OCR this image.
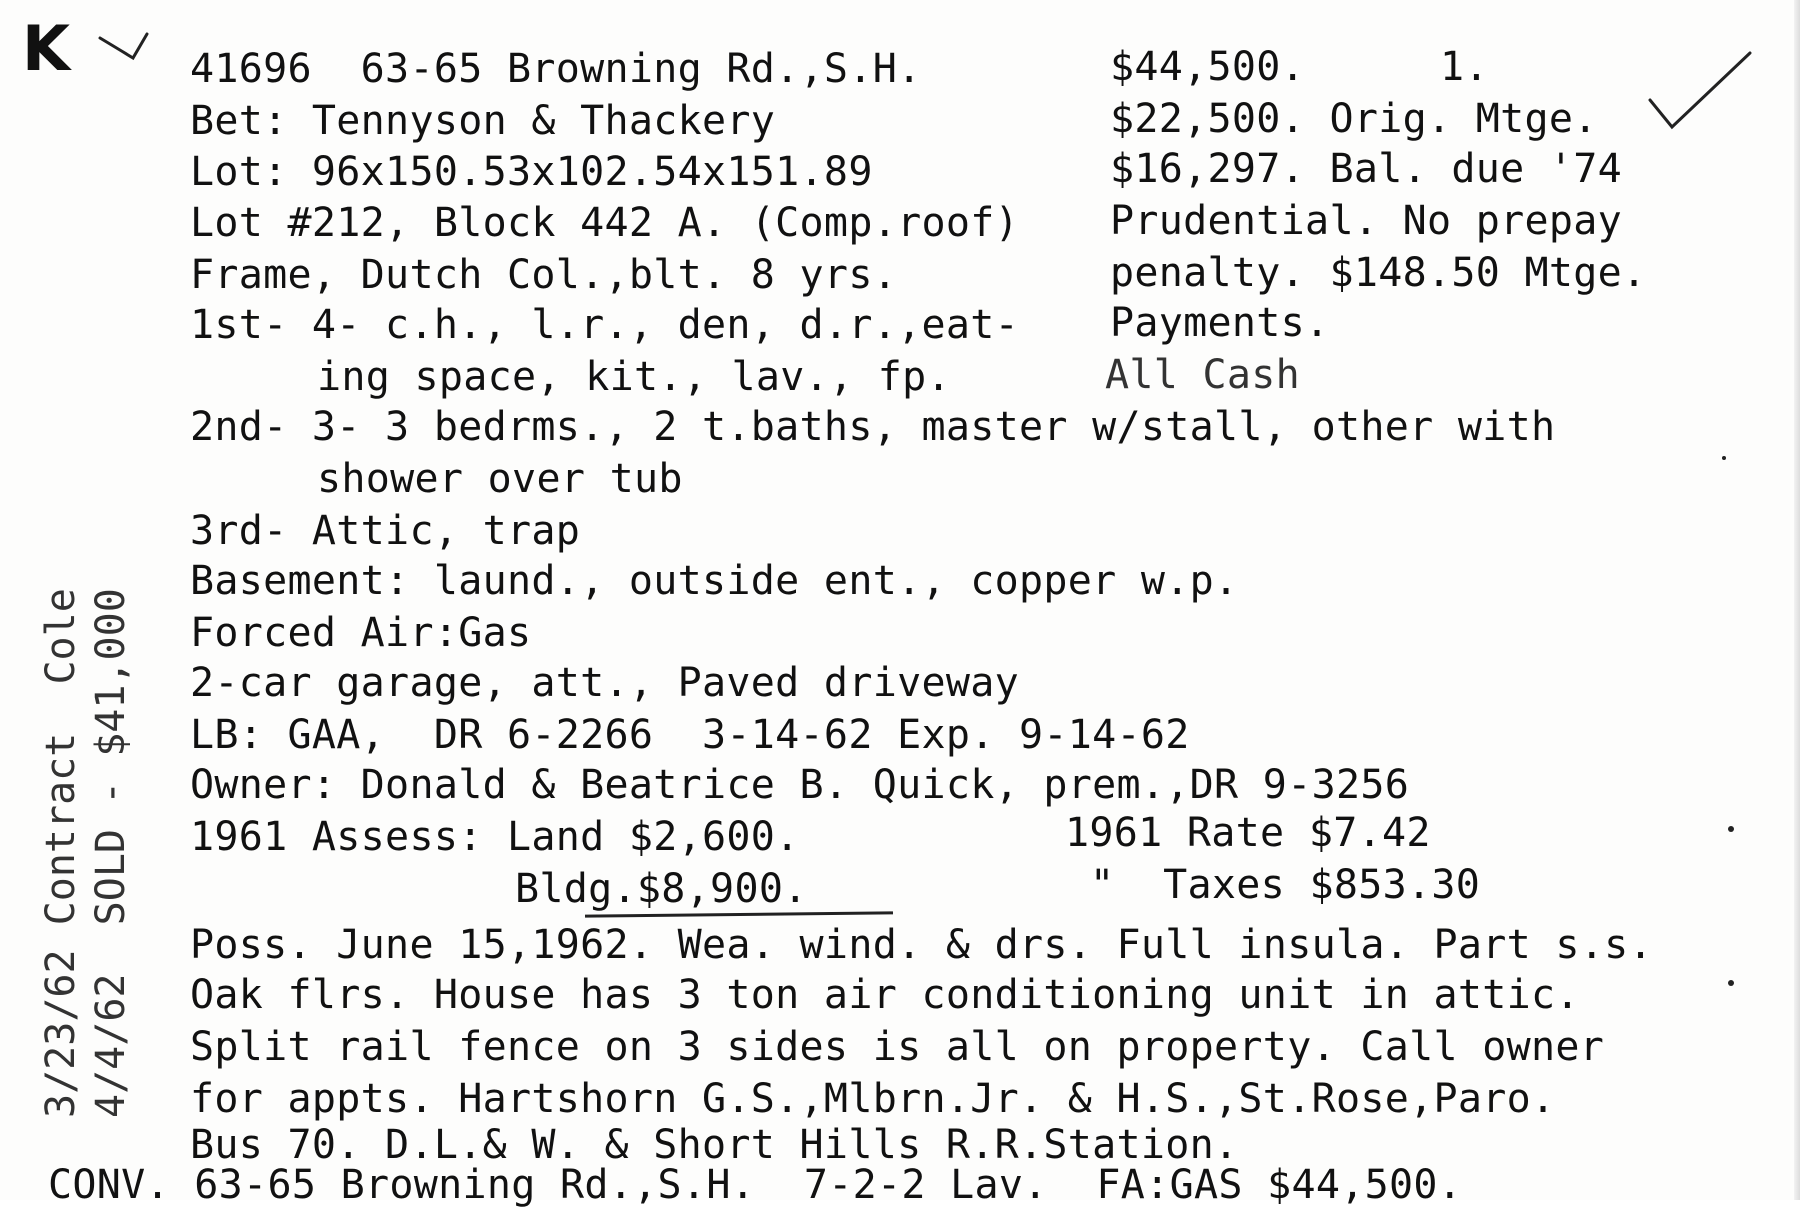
K	41696  63-65 Browning Rd.,S.H.
Bet: Tennyson & Thackery
Lot: 96x150.53x102.54x151.89
Lot #212, Block 442 A. (Comp.roof)
Frame, Dutch Col.,blt. 8 yrs.
1st- 4- c.h., l.r., den, d.r.,eat-
ing space, kit., lav., fp.
2nd- 3- 3 bedrms., 2 t.baths, master w/stall, other with
shower over tub
3rd- Attic, trap
Basement: laund., outside ent., copper w.p.
Forced Air:Gas
2-car garage, att., Paved driveway
LB: GAA,  DR 6-2266  3-14-62 Exp. 9-14-62
Owner: Donald & Beatrice B. Quick, prem.,DR 9-3256
1961 Assess: Land $2,600.	1961 Rate $7.42
Bldg.$8,900.	"  Taxes $853.30
Poss. June 15,1962. Wea. wind. & drs. Full insula. Part s.s.
Oak flrs. House has 3 ton air conditioning unit in attic.
Split rail fence on 3 sides is all on property. Call owner
for appts. Hartshorn G.S.,Mlbrn.Jr. & H.S.,St.Rose,Paro.
Bus 70. D.L.& W. & Short Hills R.R.Station.
CONV. 63-65 Browning Rd.,S.H.  7-2-2 Lav.  FA:GAS $44,500.
$44,500.	1.
$22,500. Orig. Mtge.
$16,297. Bal. due '74
Prudential. No prepay
penalty. $148.50 Mtge.
Payments.
All Cash
3/23/62 Contract  Cole 4/4/62  SOLD - $41,000
